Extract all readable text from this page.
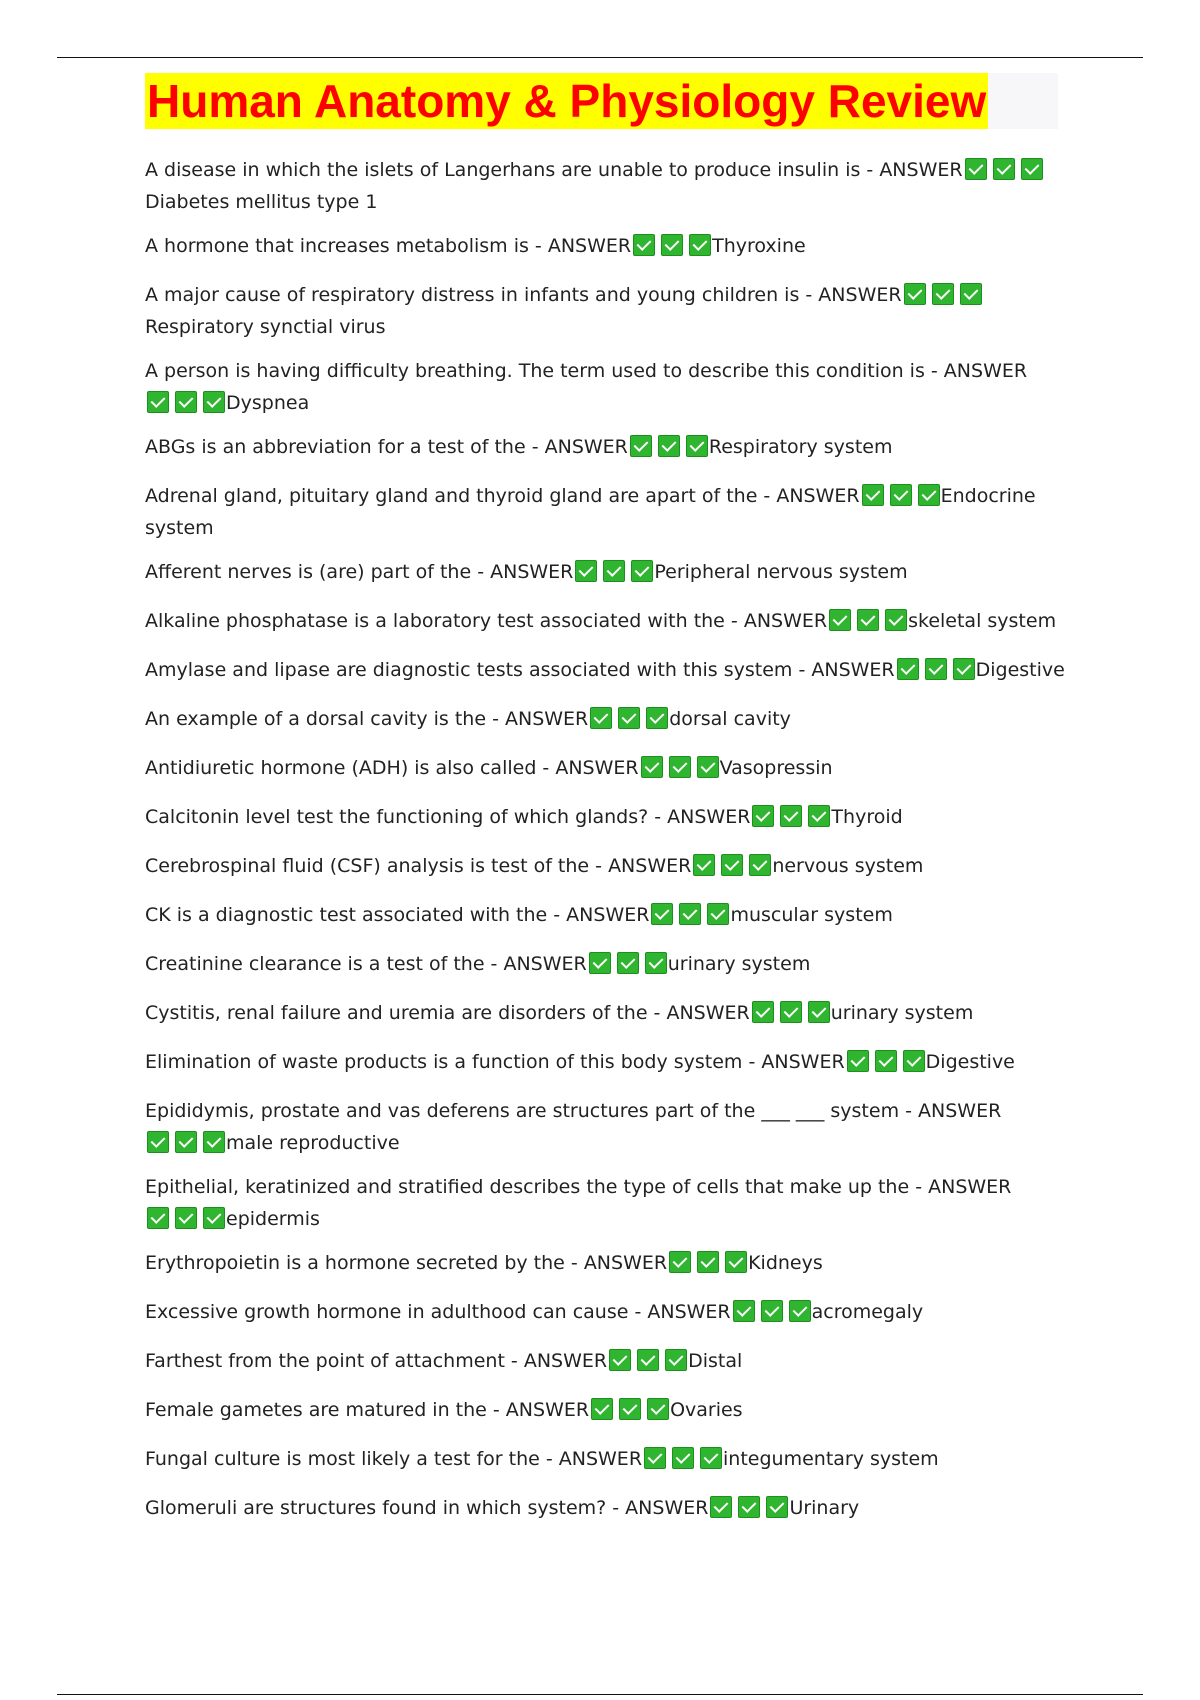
Human Anatomy & Physiology Review
A disease in which the islets of Langerhans are unable to produce insulin is - ANSWERDiabetes mellitus type 1
A hormone that increases metabolism is - ANSWER	Thyroxine
A major cause of respiratory distress in infants and young children is - ANSWERRespiratory synctial virus
A person is having difficulty breathing. The term used to describe this condition is - ANSWERDyspnea
ABGs is an abbreviation for a test of the - ANSWER	Respiratory system
Adrenal gland, pituitary gland and thyroid gland are apart of the - ANSWER	Endocrine system
Afferent nerves is (are) part of the - ANSWER	Peripheral nervous system
Alkaline phosphatase is a laboratory test associated with the - ANSWER	skeletal system
Amylase and lipase are diagnostic tests associated with this system - ANSWER	Digestive
An example of a dorsal cavity is the - ANSWER	dorsal cavity
Antidiuretic hormone (ADH) is also called - ANSWER	Vasopressin
Calcitonin level test the functioning of which glands? - ANSWER	Thyroid
Cerebrospinal fluid (CSF) analysis is test of the - ANSWER	nervous system
CK is a diagnostic test associated with the - ANSWER	muscular system
Creatinine clearance is a test of the - ANSWER	urinary system
Cystitis, renal failure and uremia are disorders of the - ANSWER	urinary system
Elimination of waste products is a function of this body system - ANSWER	Digestive
Epididymis, prostate and vas deferens are structures part of the ___ ___ system - ANSWERmale reproductive
Epithelial, keratinized and stratified describes the type of cells that make up the - ANSWERepidermis
Erythropoietin is a hormone secreted by the - ANSWER	Kidneys
Excessive growth hormone in adulthood can cause - ANSWER	acromegaly
Farthest from the point of attachment - ANSWER	Distal
Female gametes are matured in the - ANSWER	Ovaries
Fungal culture is most likely a test for the - ANSWER	integumentary system
Glomeruli are structures found in which system? - ANSWER	Urinary
